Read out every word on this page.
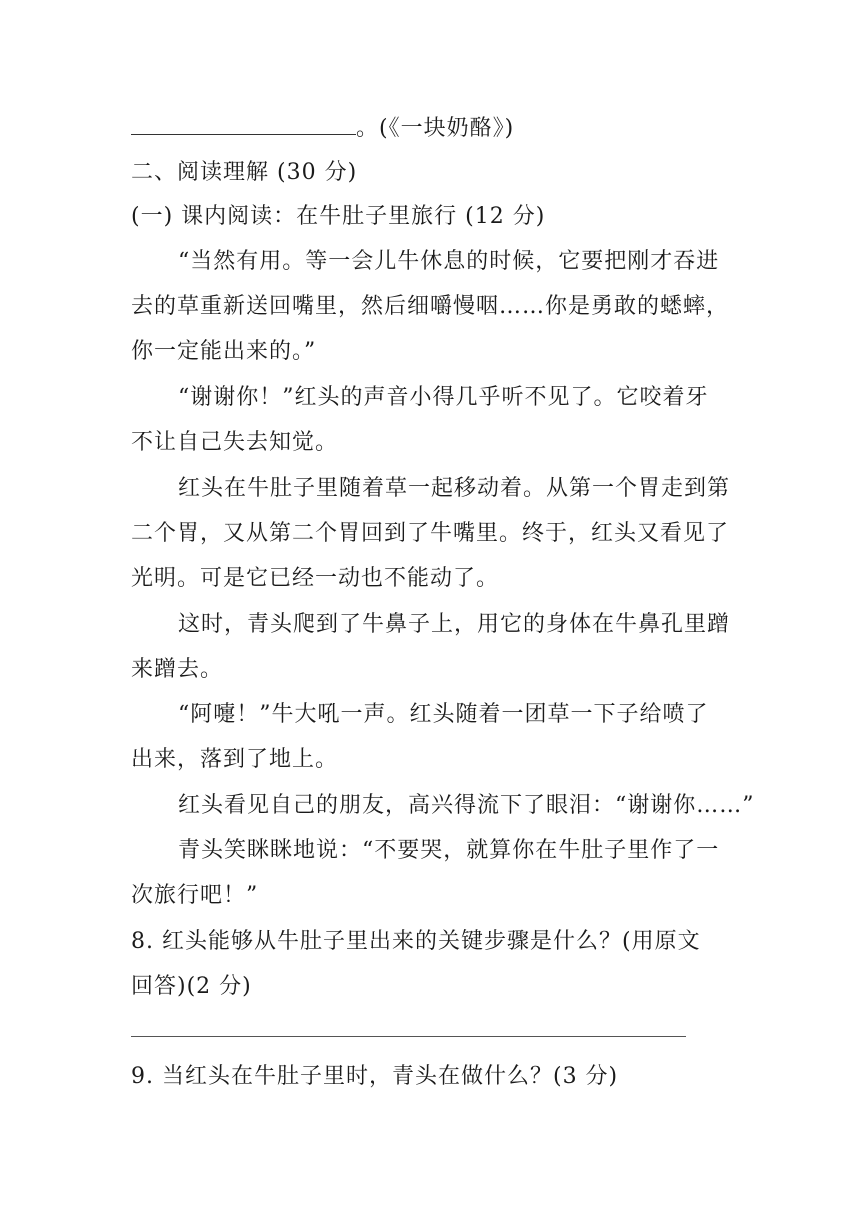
。(《一块奶酪》)
二、阅读理解 (30 分)
(一) 课内阅读：在牛肚子里旅行 (12 分)
“当然有用。等一会儿牛休息的时候，它要把刚才吞进
去的草重新送回嘴里，然后细嚼慢咽……你是勇敢的蟋蟀，
你一定能出来的。”
“谢谢你！”红头的声音小得几乎听不见了。它咬着牙
不让自己失去知觉。
红头在牛肚子里随着草一起移动着。从第一个胃走到第
二个胃，又从第二个胃回到了牛嘴里。终于，红头又看见了
光明。可是它已经一动也不能动了。
这时，青头爬到了牛鼻子上，用它的身体在牛鼻孔里蹭
来蹭去。
“阿嚏！”牛大吼一声。红头随着一团草一下子给喷了
出来，落到了地上。
红头看见自己的朋友，高兴得流下了眼泪：“谢谢你……”
青头笑眯眯地说：“不要哭，就算你在牛肚子里作了一
次旅行吧！”
8. 红头能够从牛肚子里出来的关键步骤是什么？(用原文
回答)(2 分)
9. 当红头在牛肚子里时，青头在做什么？(3 分)
